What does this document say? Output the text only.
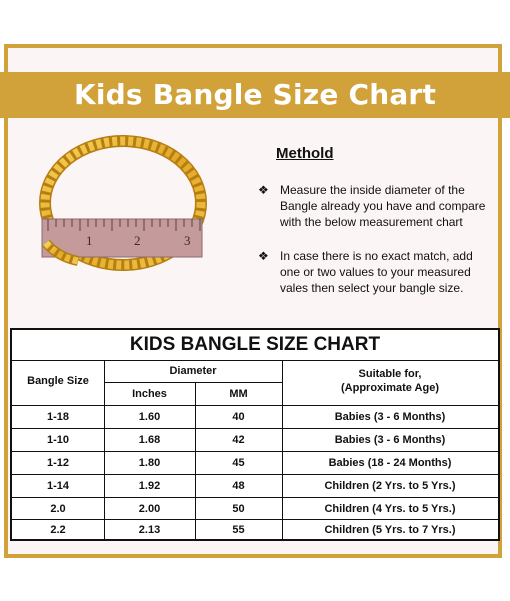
Kids Bangle Size Chart
1	2	3
Methold
❖ Measure the inside diameter of the Bangle already you have and compare with the below measurement chart
❖ In case there is no exact match, add one or two values to your measured vales then select your bangle size.
KIDS BANGLE SIZE CHART
Bangle Size
Diameter
Inches	MM
Suitable for,
(Approximate Age)
1-18	1.60	40	Babies (3 - 6 Months)
1-10	1.68	42	Babies (3 - 6 Months)
1-12	1.80	45	Babies (18 - 24 Months)
1-14	1.92	48	Children (2 Yrs. to 5 Yrs.)
2.0	2.00	50	Children (4 Yrs. to 5 Yrs.)
2.2	2.13	55	Children (5 Yrs. to 7 Yrs.)
